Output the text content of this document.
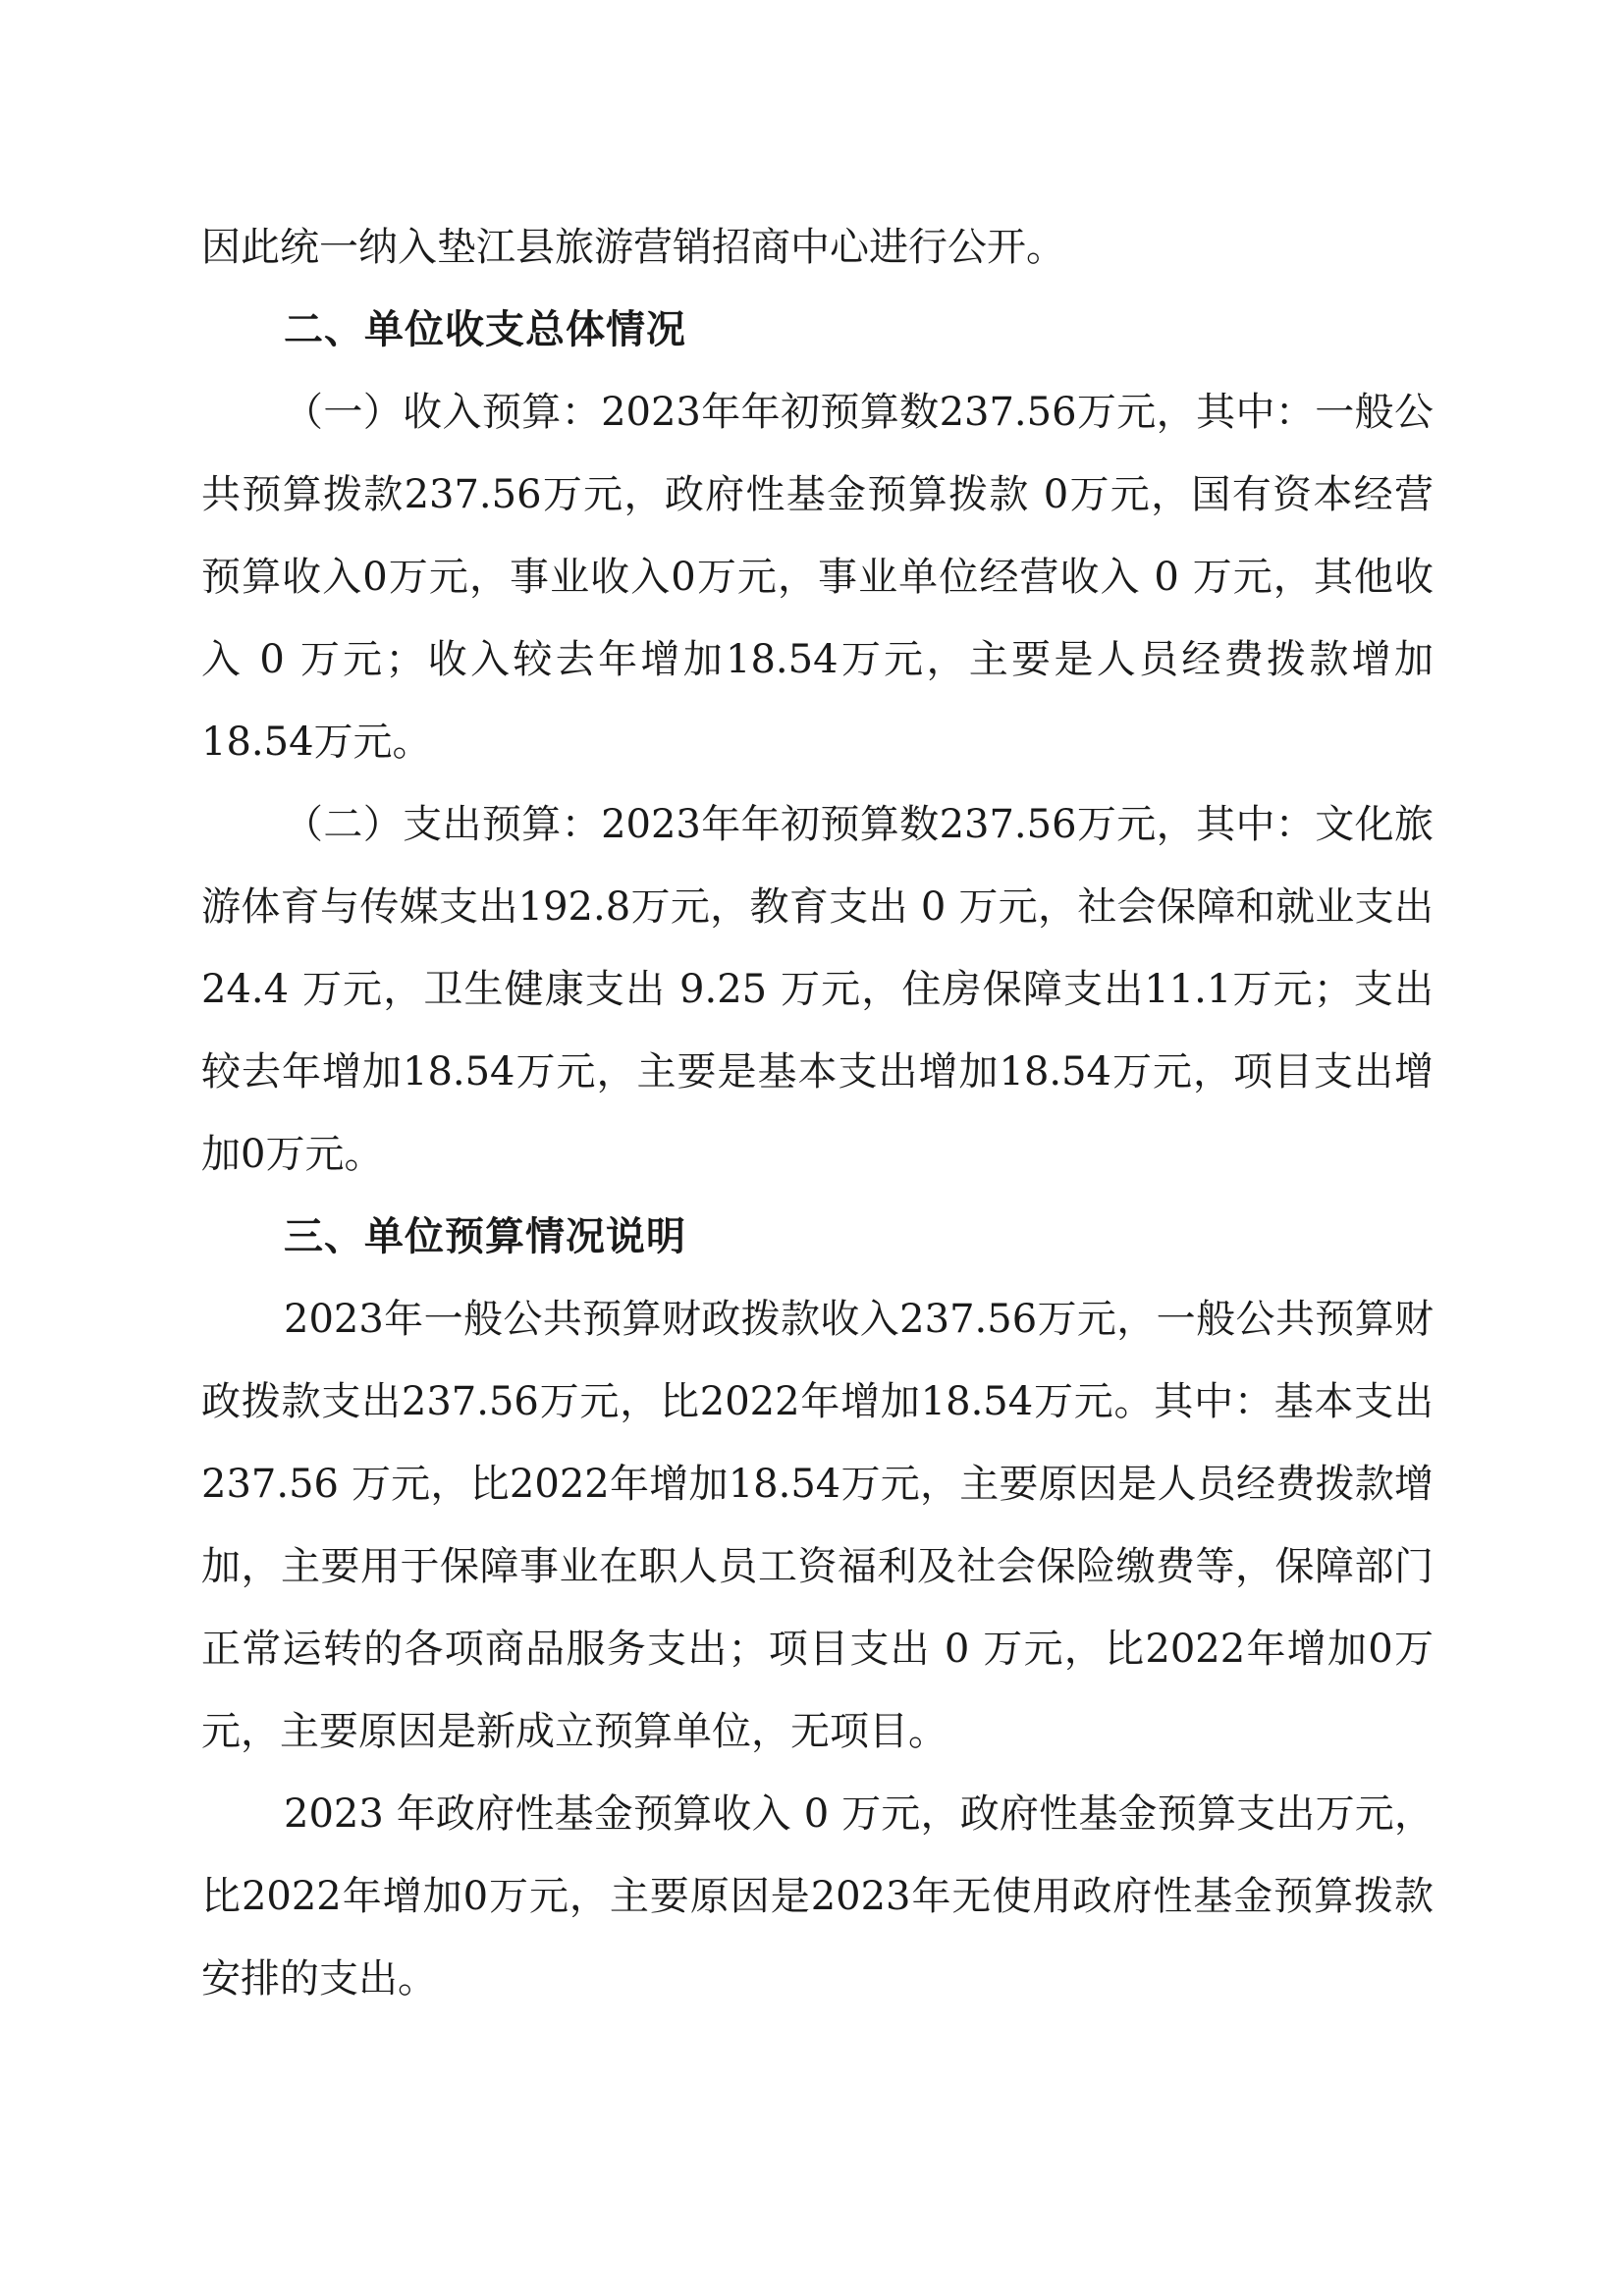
因此统一纳入垫江县旅游营销招商中心进行公开。

二、单位收支总体情况

（一）收入预算：2023年年初预算数237.56万元，其中：一般公共预算拨款237.56万元，政府性基金预算拨款 0万元，国有资本经营预算收入0万元，事业收入0万元，事业单位经营收入 0 万元，其他收入 0 万元；收入较去年增加18.54万元，主要是人员经费拨款增加18.54万元。

（二）支出预算：2023年年初预算数237.56万元，其中：文化旅游体育与传媒支出192.8万元，教育支出 0 万元，社会保障和就业支出 24.4 万元，卫生健康支出 9.25 万元，住房保障支出11.1万元；支出较去年增加18.54万元，主要是基本支出增加18.54万元，项目支出增加0万元。

三、单位预算情况说明

2023年一般公共预算财政拨款收入237.56万元，一般公共预算财政拨款支出237.56万元，比2022年增加18.54万元。其中：基本支出237.56 万元，比2022年增加18.54万元，主要原因是人员经费拨款增加，主要用于保障事业在职人员工资福利及社会保险缴费等，保障部门正常运转的各项商品服务支出；项目支出 0 万元，比2022年增加0万元，主要原因是新成立预算单位，无项目。

2023 年政府性基金预算收入 0 万元，政府性基金预算支出万元，比2022年增加0万元，主要原因是2023年无使用政府性基金预算拨款安排的支出。
